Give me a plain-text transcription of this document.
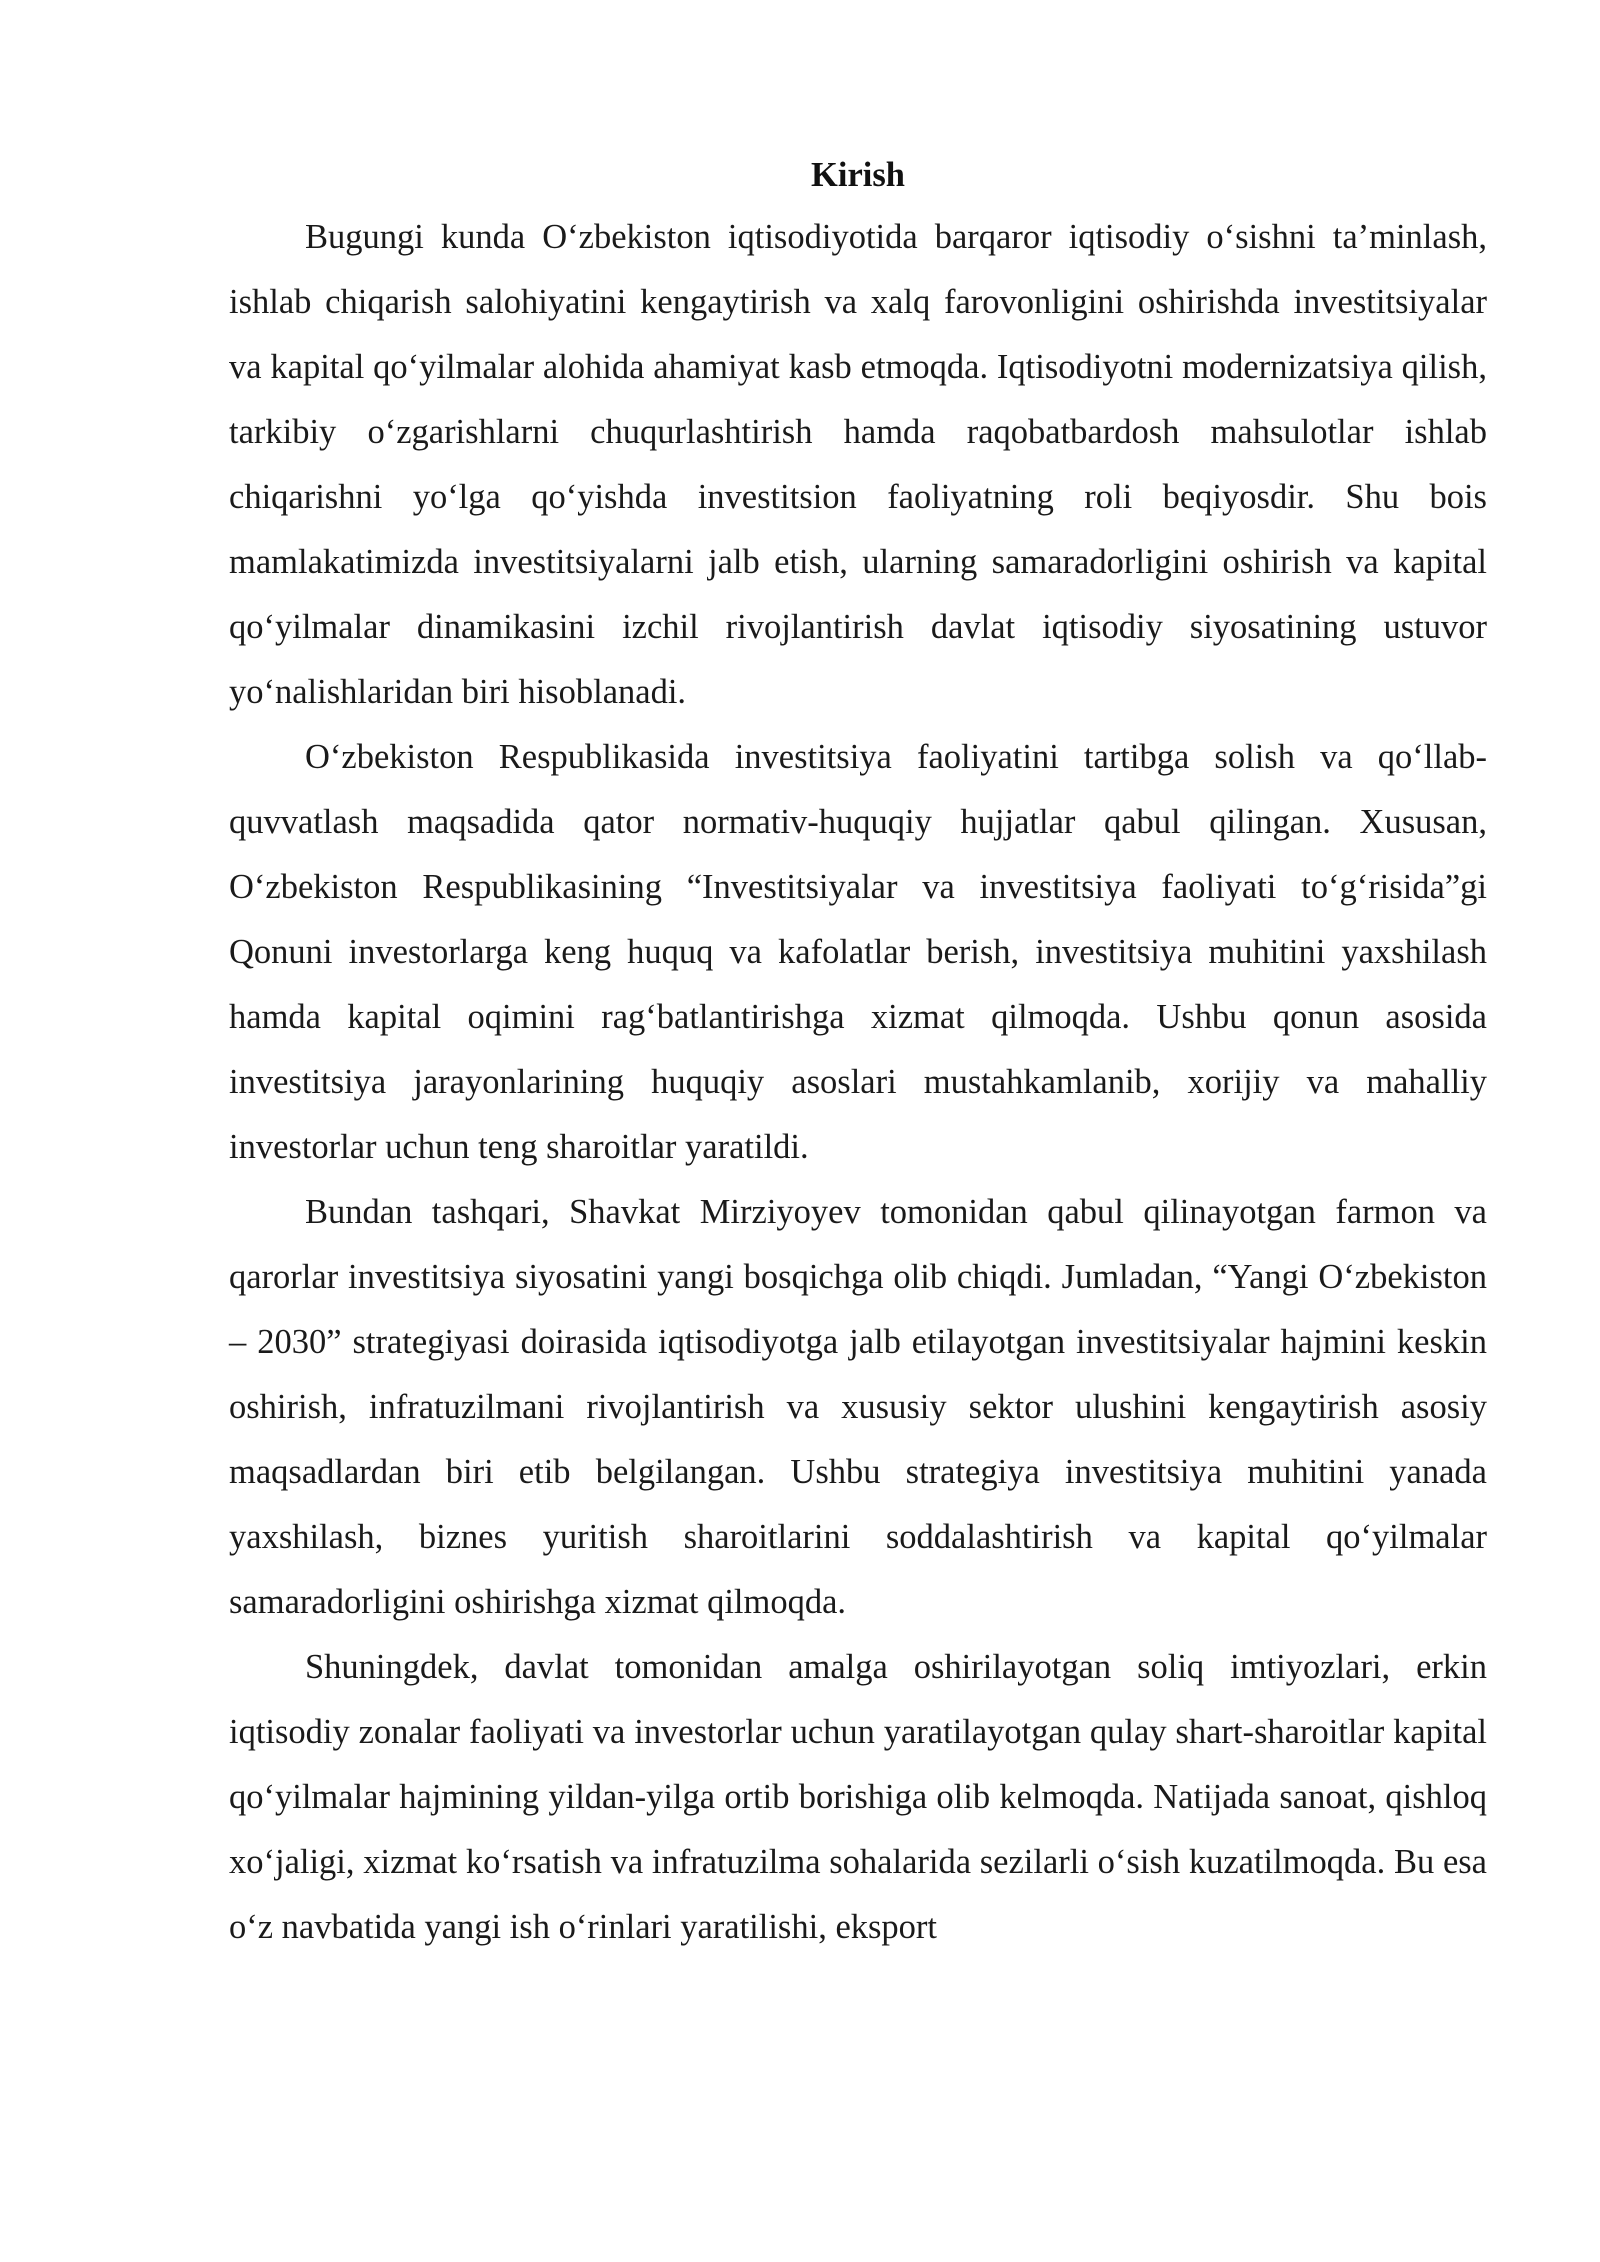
Kirish

Bugungi kunda O‘zbekiston iqtisodiyotida barqaror iqtisodiy o‘sishni ta’minlash, ishlab chiqarish salohiyatini kengaytirish va xalq farovonligini oshirishda investitsiyalar va kapital qo‘yilmalar alohida ahamiyat kasb etmoqda. Iqtisodiyotni modernizatsiya qilish, tarkibiy o‘zgarishlarni chuqurlashtirish hamda raqobatbardosh mahsulotlar ishlab chiqarishni yo‘lga qo‘yishda investitsion faoliyatning roli beqiyosdir. Shu bois mamlakatimizda investitsiyalarni jalb etish, ularning samaradorligini oshirish va kapital qo‘yilmalar dinamikasini izchil rivojlantirish davlat iqtisodiy siyosatining ustuvor yo‘nalishlaridan biri hisoblanadi.

O‘zbekiston Respublikasida investitsiya faoliyatini tartibga solish va qo‘llab-quvvatlash maqsadida qator normativ-huquqiy hujjatlar qabul qilingan. Xususan, O‘zbekiston Respublikasining “Investitsiyalar va investitsiya faoliyati to‘g‘risida”gi Qonuni investorlarga keng huquq va kafolatlar berish, investitsiya muhitini yaxshilash hamda kapital oqimini rag‘batlantirishga xizmat qilmoqda. Ushbu qonun asosida investitsiya jarayonlarining huquqiy asoslari mustahkamlanib, xorijiy va mahalliy investorlar uchun teng sharoitlar yaratildi.

Bundan tashqari, Shavkat Mirziyoyev tomonidan qabul qilinayotgan farmon va qarorlar investitsiya siyosatini yangi bosqichga olib chiqdi. Jumladan, “Yangi O‘zbekiston – 2030” strategiyasi doirasida iqtisodiyotga jalb etilayotgan investitsiyalar hajmini keskin oshirish, infratuzilmani rivojlantirish va xususiy sektor ulushini kengaytirish asosiy maqsadlardan biri etib belgilangan. Ushbu strategiya investitsiya muhitini yanada yaxshilash, biznes yuritish sharoitlarini soddalashtirish va kapital qo‘yilmalar samaradorligini oshirishga xizmat qilmoqda.

Shuningdek, davlat tomonidan amalga oshirilayotgan soliq imtiyozlari, erkin iqtisodiy zonalar faoliyati va investorlar uchun yaratilayotgan qulay shart-sharoitlar kapital qo‘yilmalar hajmining yildan-yilga ortib borishiga olib kelmoqda. Natijada sanoat, qishloq xo‘jaligi, xizmat ko‘rsatish va infratuzilma sohalarida sezilarli o‘sish kuzatilmoqda. Bu esa o‘z navbatida yangi ish o‘rinlari yaratilishi, eksport
